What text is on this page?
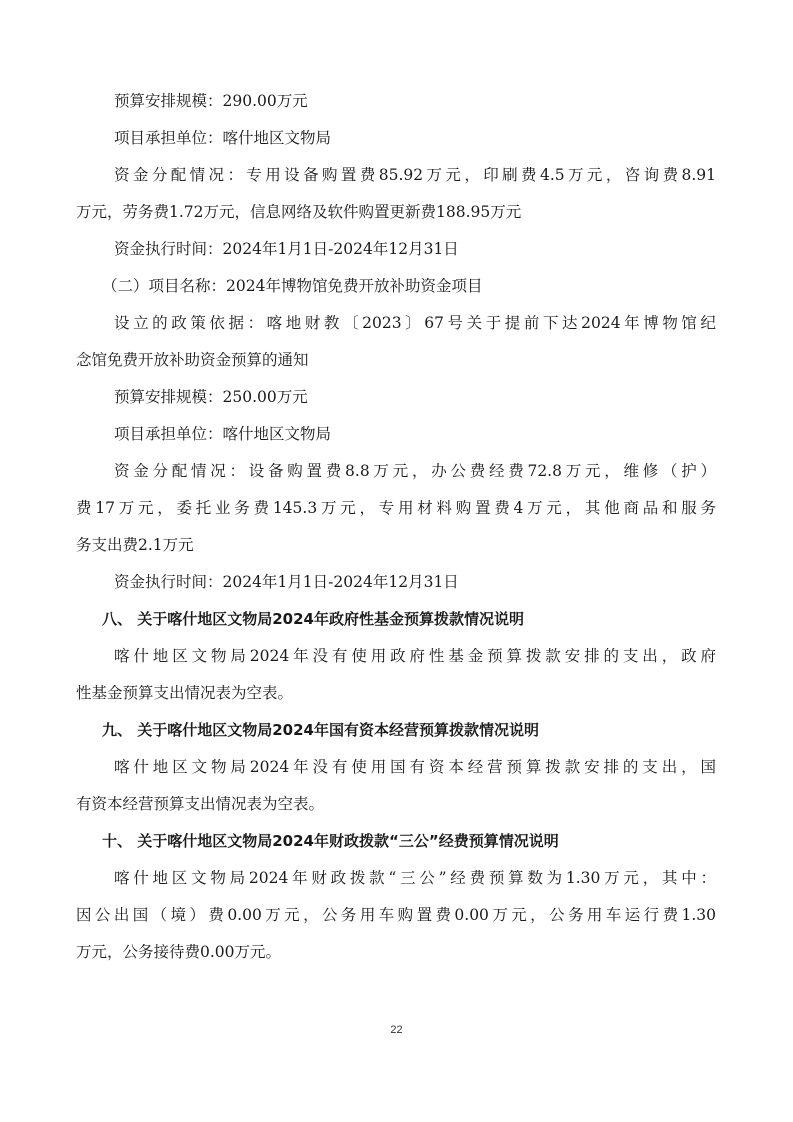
预算安排规模：290.00万元
项目承担单位：喀什地区文物局
资金分配情况：专用设备购置费85.92万元，印刷费4.5万元，咨询费8.91
万元，劳务费1.72万元，信息网络及软件购置更新费188.95万元
资金执行时间：2024年1月1日-2024年12月31日
（二）项目名称：2024年博物馆免费开放补助资金项目
设立的政策依据：喀地财教〔2023〕67号关于提前下达2024年博物馆纪
念馆免费开放补助资金预算的通知
预算安排规模：250.00万元
项目承担单位：喀什地区文物局
资金分配情况：设备购置费8.8万元，办公费经费72.8万元，维修（护）
费17万元，委托业务费145.3万元，专用材料购置费4万元，其他商品和服务
务支出费2.1万元
资金执行时间：2024年1月1日-2024年12月31日
八、 关于喀什地区文物局2024年政府性基金预算拨款情况说明
喀什地区文物局2024年没有使用政府性基金预算拨款安排的支出，政府
性基金预算支出情况表为空表。
九、 关于喀什地区文物局2024年国有资本经营预算拨款情况说明
喀什地区文物局2024年没有使用国有资本经营预算拨款安排的支出，国
有资本经营预算支出情况表为空表。
十、 关于喀什地区文物局2024年财政拨款“三公”经费预算情况说明
喀什地区文物局2024年财政拨款“三公”经费预算数为1.30万元，其中：
因公出国（境）费0.00万元，公务用车购置费0.00万元，公务用车运行费1.30
万元，公务接待费0.00万元。
22
